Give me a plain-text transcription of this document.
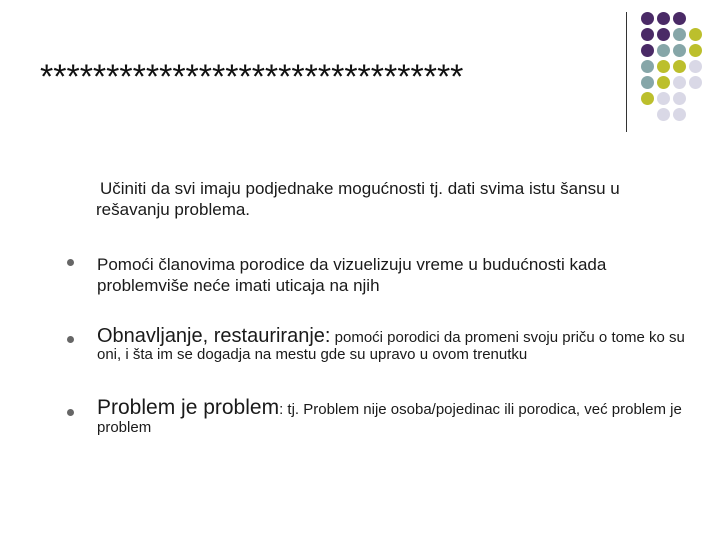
********************************
Učiniti da svi imaju podjednake mogućnosti tj. dati svima istu šansu u rešavanju problema.
Pomoći članovima porodice da vizuelizuju vreme u budućnosti kada problemviše neće imati uticaja na njih
Obnavljanje, restauriranje: pomoći porodici da promeni svoju priču o tome ko su oni, i šta im se dogadja na mestu gde su upravo u ovom trenutku
Problem je problem: tj. Problem nije osoba/pojedinac ili porodica, već problem je problem
